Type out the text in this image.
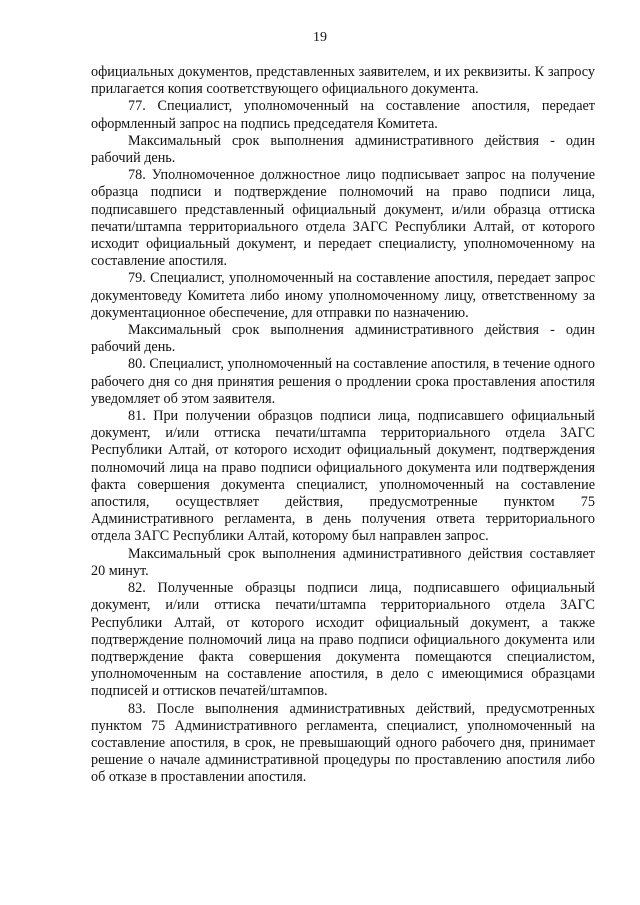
19

официальных документов, представленных заявителем, и их реквизиты. К запросу прилагается копия соответствующего официального документа.

77. Специалист, уполномоченный на составление апостиля, передает оформленный запрос на подпись председателя Комитета.

Максимальный срок выполнения административного действия - один рабочий день.

78. Уполномоченное должностное лицо подписывает запрос на получение образца подписи и подтверждение полномочий на право подписи лица, подписавшего представленный официальный документ, и/или образца оттиска печати/штампа территориального отдела ЗАГС Республики Алтай, от которого исходит официальный документ, и передает специалисту, уполномоченному на составление апостиля.

79. Специалист, уполномоченный на составление апостиля, передает запрос документоведу Комитета либо иному уполномоченному лицу, ответственному за документационное обеспечение, для отправки по назначению.

Максимальный срок выполнения административного действия - один рабочий день.

80. Специалист, уполномоченный на составление апостиля, в течение одного рабочего дня со дня принятия решения о продлении срока проставления апостиля уведомляет об этом заявителя.

81. При получении образцов подписи лица, подписавшего официальный документ, и/или оттиска печати/штампа территориального отдела ЗАГС Республики Алтай, от которого исходит официальный документ, подтверждения полномочий лица на право подписи официального документа или подтверждения факта совершения документа специалист, уполномоченный на составление апостиля, осуществляет действия, предусмотренные пунктом 75 Административного регламента, в день получения ответа территориального отдела ЗАГС Республики Алтай, которому был направлен запрос.

Максимальный срок выполнения административного действия составляет 20 минут.

82. Полученные образцы подписи лица, подписавшего официальный документ, и/или оттиска печати/штампа территориального отдела ЗАГС Республики Алтай, от которого исходит официальный документ, а также подтверждение полномочий лица на право подписи официального документа или подтверждение факта совершения документа помещаются специалистом, уполномоченным на составление апостиля, в дело с имеющимися образцами подписей и оттисков печатей/штампов.

83. После выполнения административных действий, предусмотренных пунктом 75 Административного регламента, специалист, уполномоченный на составление апостиля, в срок, не превышающий одного рабочего дня, принимает решение о начале административной процедуры по проставлению апостиля либо об отказе в проставлении апостиля.
